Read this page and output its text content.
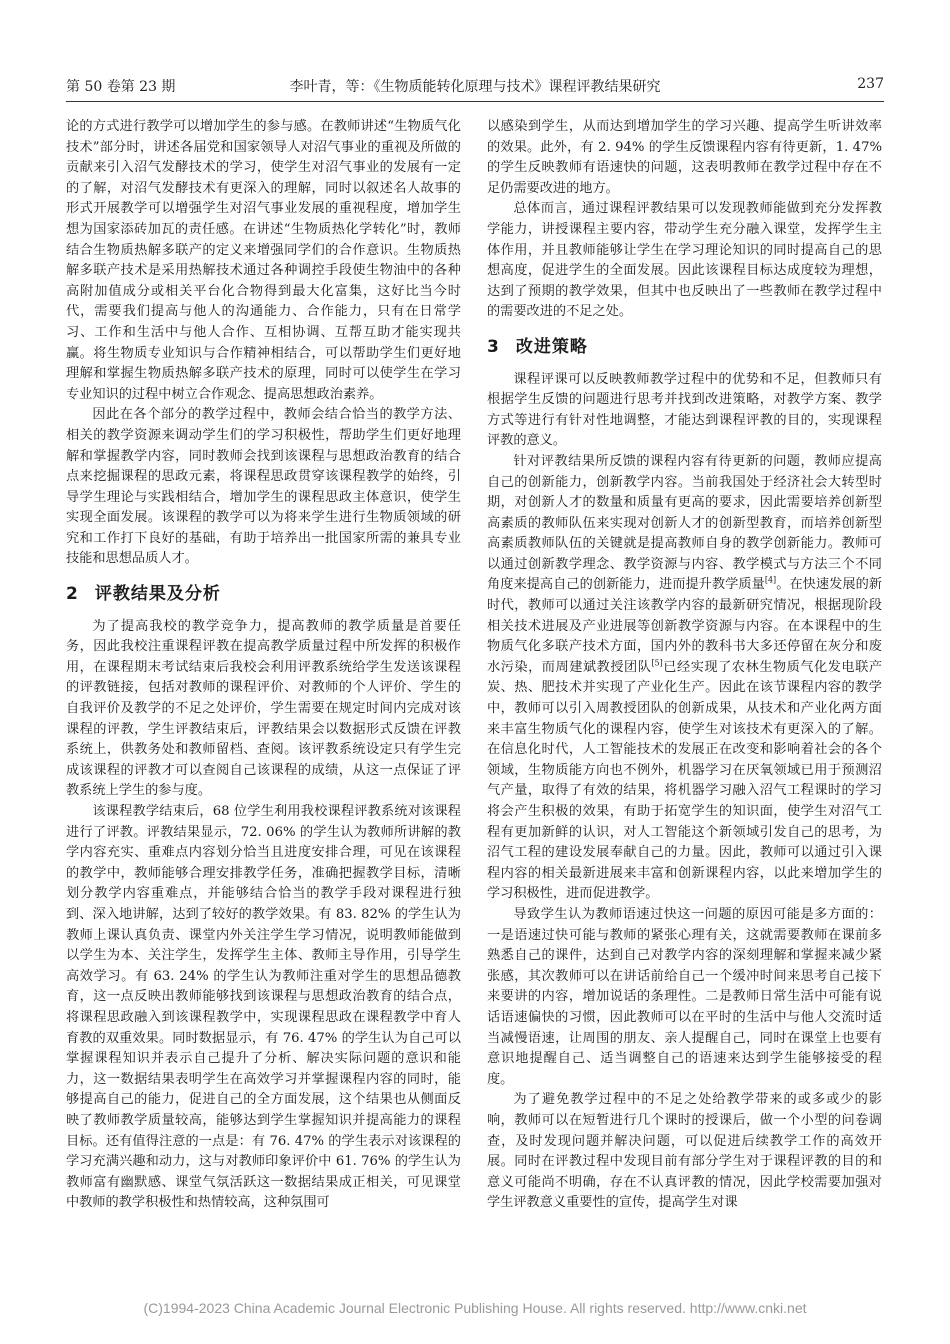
第 50 卷第 23 期	李叶青，等：《生物质能转化原理与技术》课程评教结果研究	237

论的方式进行教学可以增加学生的参与感。在教师讲述“生物质气化技术”部分时，讲述各届党和国家领导人对沼气事业的重视及所做的贡献来引入沼气发酵技术的学习，使学生对沼气事业的发展有一定的了解，对沼气发酵技术有更深入的理解，同时以叙述名人故事的形式开展教学可以增强学生对沼气事业发展的重视程度，增加学生想为国家添砖加瓦的责任感。在讲述“生物质热化学转化”时，教师结合生物质热解多联产的定义来增强同学们的合作意识。生物质热解多联产技术是采用热解技术通过各种调控手段使生物油中的各种高附加值成分或相关平台化合物得到最大化富集，这好比当今时代，需要我们提高与他人的沟通能力、合作能力，只有在日常学习、工作和生活中与他人合作、互相协调、互帮互助才能实现共赢。将生物质专业知识与合作精神相结合，可以帮助学生们更好地理解和掌握生物质热解多联产技术的原理，同时可以使学生在学习专业知识的过程中树立合作观念、提高思想政治素养。

因此在各个部分的教学过程中，教师会结合恰当的教学方法、相关的教学资源来调动学生们的学习积极性，帮助学生们更好地理解和掌握教学内容，同时教师会找到该课程与思想政治教育的结合点来挖掘课程的思政元素，将课程思政贯穿该课程教学的始终，引导学生理论与实践相结合，增加学生的课程思政主体意识，使学生实现全面发展。该课程的教学可以为将来学生进行生物质领域的研究和工作打下良好的基础，有助于培养出一批国家所需的兼具专业技能和思想品质人才。

2 评教结果及分析

为了提高我校的教学竞争力，提高教师的教学质量是首要任务，因此我校注重课程评教在提高教学质量过程中所发挥的积极作用，在课程期末考试结束后我校会利用评教系统给学生发送该课程的评教链接，包括对教师的课程评价、对教师的个人评价、学生的自我评价及教学的不足之处评价，学生需要在规定时间内完成对该课程的评教，学生评教结束后，评教结果会以数据形式反馈在评教系统上，供教务处和教师留档、查阅。该评教系统设定只有学生完成该课程的评教才可以查阅自己该课程的成绩，从这一点保证了评教系统上学生的参与度。

该课程教学结束后，68 位学生利用我校课程评教系统对该课程进行了评教。评教结果显示，72. 06% 的学生认为教师所讲解的教学内容充实、重难点内容划分恰当且进度安排合理，可见在该课程的教学中，教师能够合理安排教学任务，准确把握教学目标，清晰划分教学内容重难点，并能够结合恰当的教学手段对课程进行独到、深入地讲解，达到了较好的教学效果。有 83. 82% 的学生认为教师上课认真负责、课堂内外关注学生学习情况，说明教师能做到以学生为本、关注学生，发挥学生主体、教师主导作用，引导学生高效学习。有 63. 24% 的学生认为教师注重对学生的思想品德教育，这一点反映出教师能够找到该课程与思想政治教育的结合点，将课程思政融入到该课程教学中，实现课程思政在课程教学中育人育教的双重效果。同时数据显示，有 76. 47% 的学生认为自己可以掌握课程知识并表示自己提升了分析、解决实际问题的意识和能力，这一数据结果表明学生在高效学习并掌握课程内容的同时，能够提高自己的能力，促进自己的全方面发展，这个结果也从侧面反映了教师教学质量较高，能够达到学生掌握知识并提高能力的课程目标。还有值得注意的一点是：有 76. 47% 的学生表示对该课程的学习充满兴趣和动力，这与对教师印象评价中 61. 76% 的学生认为教师富有幽默感、课堂气氛活跃这一数据结果成正相关，可见课堂中教师的教学积极性和热情较高，这种氛围可

以感染到学生，从而达到增加学生的学习兴趣、提高学生听讲效率的效果。此外，有 2. 94% 的学生反馈课程内容有待更新，1. 47% 的学生反映教师有语速快的问题，这表明教师在教学过程中存在不足仍需要改进的地方。

总体而言，通过课程评教结果可以发现教师能做到充分发挥教学能力，讲授课程主要内容，带动学生充分融入课堂，发挥学生主体作用，并且教师能够让学生在学习理论知识的同时提高自己的思想高度，促进学生的全面发展。因此该课程目标达成度较为理想，达到了预期的教学效果，但其中也反映出了一些教师在教学过程中的需要改进的不足之处。

3 改进策略

课程评课可以反映教师教学过程中的优势和不足，但教师只有根据学生反馈的问题进行思考并找到改进策略，对教学方案、教学方式等进行有针对性地调整，才能达到课程评教的目的，实现课程评教的意义。

针对评教结果所反馈的课程内容有待更新的问题，教师应提高自己的创新能力，创新教学内容。当前我国处于经济社会大转型时期，对创新人才的数量和质量有更高的要求，因此需要培养创新型高素质的教师队伍来实现对创新人才的创新型教育，而培养创新型高素质教师队伍的关键就是提高教师自身的教学创新能力。教师可以通过创新教学理念、教学资源与内容、教学模式与方法三个不同角度来提高自己的创新能力，进而提升教学质量[4]。在快速发展的新时代，教师可以通过关注该教学内容的最新研究情况，根据现阶段相关技术进展及产业进展等创新教学资源与内容。在本课程中的生物质气化多联产技术方面，国内外的教科书大多还停留在灰分和废水污染，而周建斌教授团队[5]已经实现了农林生物质气化发电联产炭、热、肥技术并实现了产业化生产。因此在该节课程内容的教学中，教师可以引入周教授团队的创新成果，从技术和产业化两方面来丰富生物质气化的课程内容，使学生对该技术有更深入的了解。在信息化时代，人工智能技术的发展正在改变和影响着社会的各个领域，生物质能方向也不例外，机器学习在厌氧领域已用于预测沼气产量，取得了有效的结果，将机器学习融入沼气工程课时的学习将会产生积极的效果，有助于拓宽学生的知识面，使学生对沼气工程有更加新鲜的认识，对人工智能这个新领域引发自己的思考，为沼气工程的建设发展奉献自己的力量。因此，教师可以通过引入课程内容的相关最新进展来丰富和创新课程内容，以此来增加学生的学习积极性，进而促进教学。

导致学生认为教师语速过快这一问题的原因可能是多方面的：一是语速过快可能与教师的紧张心理有关，这就需要教师在课前多熟悉自己的课件，达到自己对教学内容的深刻理解和掌握来减少紧张感，其次教师可以在讲话前给自己一个缓冲时间来思考自己接下来要讲的内容，增加说话的条理性。二是教师日常生活中可能有说话语速偏快的习惯，因此教师可以在平时的生活中与他人交流时适当减慢语速，让周围的朋友、亲人提醒自己，同时在课堂上也要有意识地提醒自己、适当调整自己的语速来达到学生能够接受的程度。

为了避免教学过程中的不足之处给教学带来的或多或少的影响，教师可以在短暂进行几个课时的授课后，做一个小型的问卷调查，及时发现问题并解决问题，可以促进后续教学工作的高效开展。同时在评教过程中发现目前有部分学生对于课程评教的目的和意义可能尚不明确，存在不认真评教的情况，因此学校需要加强对学生评教意义重要性的宣传，提高学生对课

(C)1994-2023 China Academic Journal Electronic Publishing House. All rights reserved. http://www.cnki.net
